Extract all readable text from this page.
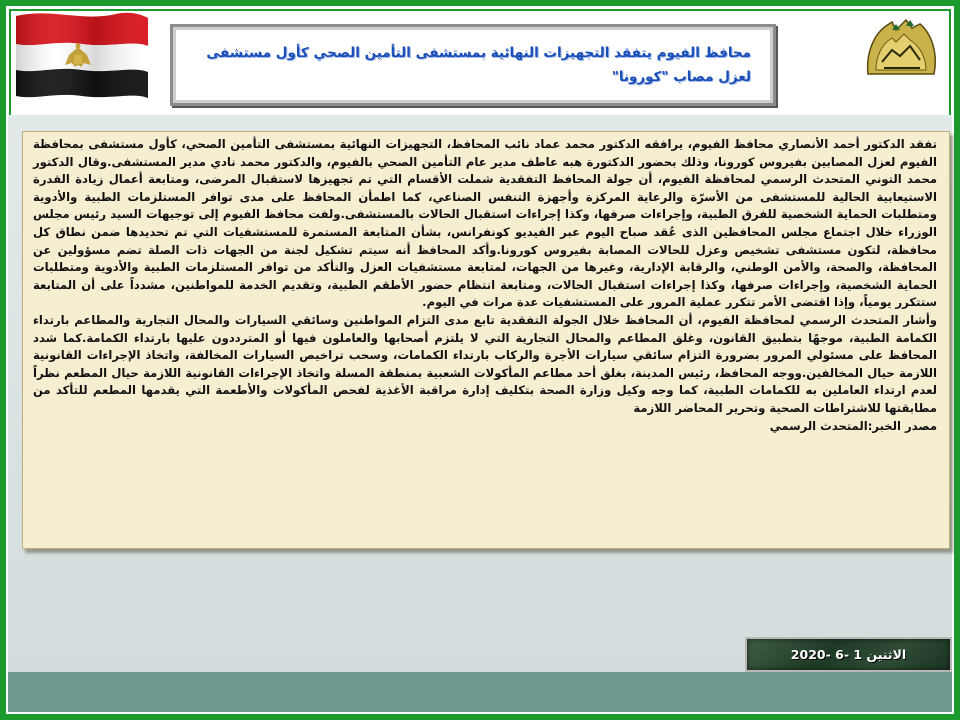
محافظ الفيوم يتفقد التجهيزات النهائية بمستشفى التأمين الصحي كأول مستشفى لعزل مصاب "كورونا"

تفقد الدكتور أحمد الأنصاري محافظ الفيوم، يرافقه الدكتور محمد عماد نائب المحافظ، التجهيزات النهائية بمستشفى التأمين الصحي، كأول مستشفى بمحافظة الفيوم لعزل المصابين بفيروس كورونا، وذلك بحضور الدكتورة هبه عاطف مدير عام التأمين الصحي بالفيوم، والدكتور محمد نادي مدير المستشفى.وقال الدكتور محمد التوني المتحدث الرسمي لمحافظة الفيوم، أن جولة المحافظ التفقدية شملت الأقسام التي تم تجهيزها لاستقبال المرضى، ومتابعة أعمال زيادة القدرة الاستيعابية الحالية للمستشفى من الأسرّة والرعاية المركزة وأجهزة التنفس الصناعي، كما اطمأن المحافظ على مدى توافر المستلزمات الطبية والأدوية ومتطلبات الحماية الشخصية للفرق الطبية، وإجراءات صرفها، وكذا إجراءات استقبال الحالات بالمستشفى.ولفت محافظ الفيوم إلى توجيهات السيد رئيس مجلس الوزراء خلال اجتماع مجلس المحافظين الذى عُقد صباح اليوم عبر الفيديو كونفرانس، بشأن المتابعة المستمرة للمستشفيات التي تم تحديدها ضمن نطاق كل محافظة، لتكون مستشفى تشخيص وعزل للحالات المصابة بفيروس كورونا.وأكد المحافظ أنه سيتم تشكيل لجنة من الجهات ذات الصلة تضم مسؤولين عن المحافظة، والصحة، والأمن الوطني، والرقابة الإدارية، وغيرها من الجهات، لمتابعة مستشفيات العزل والتأكد من توافر المستلزمات الطبية والأدوية ومتطلبات الحماية الشخصية، وإجراءات صرفها، وكذا إجراءات استقبال الحالات، ومتابعة انتظام حضور الأطقم الطبية، وتقديم الخدمة للمواطنين، مشدداً على أن المتابعة ستتكرر يومياً، وإذا اقتضى الأمر تتكرر عملية المرور على المستشفيات عدة مرات في اليوم.

وأشار المتحدث الرسمي لمحافظة الفيوم، أن المحافظ خلال الجولة التفقدية تابع مدى التزام المواطنين وسائقي السيارات والمحال التجارية والمطاعم بارتداء الكمامة الطبية، موجهًا بتطبيق القانون، وغلق المطاعم والمحال التجارية التي لا يلتزم أصحابها والعاملون فيها أو المترددون عليها بارتداء الكمامة.كما شدد المحافظ على مسئولي المرور بضرورة التزام سائقي سيارات الأجرة والركاب بارتداء الكمامات، وسحب تراخيص السيارات المخالفة، واتخاذ الإجراءات القانونية اللازمة حيال المخالفين.ووجه المحافظ، رئيس المدينة، بغلق أحد مطاعم المأكولات الشعبية بمنطقة المسلة واتخاذ الإجراءات القانونية اللازمة حيال المطعم نظراً لعدم ارتداء العاملين به للكمامات الطبية، كما وجه وكيل وزارة الصحة بتكليف إدارة مراقبة الأغذية لفحص المأكولات والأطعمة التي يقدمها المطعم للتأكد من مطابقتها للاشتراطات الصحية وتحرير المحاضر اللازمة

مصدر الخبر:المتحدث الرسمي

الاثنين 1 -6 -2020
